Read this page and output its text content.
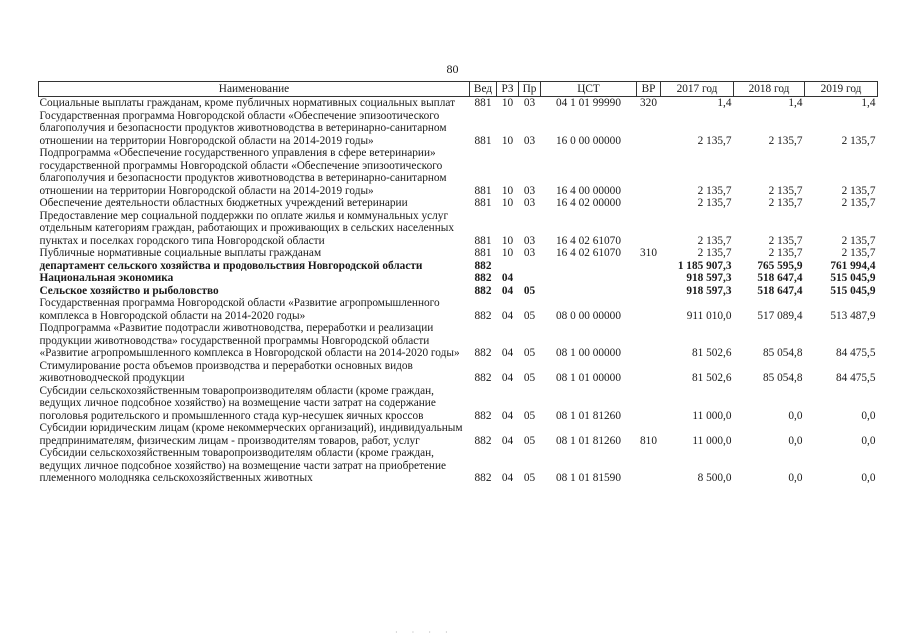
80
Наименование	Вед	РЗ	Пр	ЦСТ	ВР	2017 год	2018 год	2019 год
Социальные выплаты гражданам, кроме публичных нормативных социальных выплат	881	10	03	04 1 01 99990	320	1,4	1,4	1,4
Государственная программа Новгородской области «Обеспечение эпизоотического благополучия и безопасности продуктов животноводства в ветеринарно-санитарном отношении на территории Новгородской области на 2014-2019 годы»	881	10	03	16 0 00 00000		2 135,7	2 135,7	2 135,7
Подпрограмма «Обеспечение государственного управления в сфере ветеринарии» государственной программы Новгородской области «Обеспечение эпизоотического благополучия и безопасности продуктов животноводства в ветеринарно-санитарном отношении на территории Новгородской области на 2014-2019 годы»	881	10	03	16 4 00 00000		2 135,7	2 135,7	2 135,7
Обеспечение деятельности областных бюджетных учреждений ветеринарии	881	10	03	16 4 02 00000		2 135,7	2 135,7	2 135,7
Предоставление мер социальной поддержки по оплате жилья и коммунальных услуг отдельным категориям граждан, работающих и проживающих в сельских населенных пунктах и поселках городского типа Новгородской области	881	10	03	16 4 02 61070		2 135,7	2 135,7	2 135,7
Публичные нормативные социальные выплаты гражданам	881	10	03	16 4 02 61070	310	2 135,7	2 135,7	2 135,7
департамент сельского хозяйства и продовольствия Новгородской области	882					1 185 907,3	765 595,9	761 994,4
Национальная экономика	882	04				918 597,3	518 647,4	515 045,9
Сельское хозяйство и рыболовство	882	04	05			918 597,3	518 647,4	515 045,9
Государственная программа Новгородской области «Развитие агропромышленного комплекса в Новгородской области на 2014-2020 годы»	882	04	05	08 0 00 00000		911 010,0	517 089,4	513 487,9
Подпрограмма «Развитие подотрасли животноводства, переработки и реализации продукции животноводства» государственной программы Новгородской области «Развитие агропромышленного комплекса в Новгородской области на 2014-2020 годы»	882	04	05	08 1 00 00000		81 502,6	85 054,8	84 475,5
Стимулирование роста объемов производства и переработки основных видов животноводческой продукции	882	04	05	08 1 01 00000		81 502,6	85 054,8	84 475,5
Субсидии сельскохозяйственным товаропроизводителям области (кроме граждан, ведущих личное подсобное хозяйство) на возмещение части затрат на содержание поголовья родительского и промышленного стада кур-несушек яичных кроссов	882	04	05	08 1 01 81260		11 000,0	0,0	0,0
Субсидии юридическим лицам (кроме некоммерческих организаций), индивидуальным предпринимателям, физическим лицам - производителям товаров, работ, услуг	882	04	05	08 1 01 81260	810	11 000,0	0,0	0,0
Субсидии сельскохозяйственным товаропроизводителям области (кроме граждан, ведущих личное подсобное хозяйство) на возмещение части затрат на приобретение племенного молодняка сельскохозяйственных животных	882	04	05	08 1 01 81590		8 500,0	0,0	0,0
· · · ·
